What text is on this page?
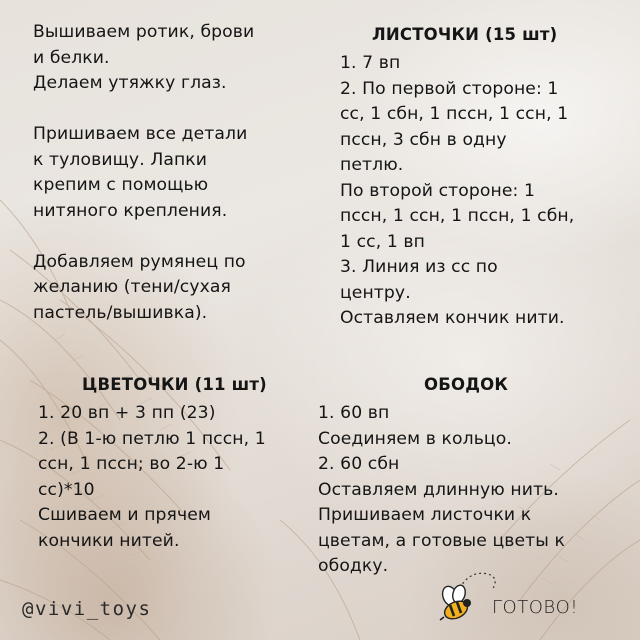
Вышиваем ротик, брови

и белки.

Делаем утяжку глаз.

Пришиваем все детали

к туловищу. Лапки

крепим с помощью

нитяного крепления.

Добавляем румянец по

желанию (тени/сухая

пастель/вышивка).

ЛИСТОЧКИ (15 шт)

1. 7 вп

2. По первой стороне: 1

сс, 1 сбн, 1 пссн, 1 ссн, 1

пссн, 3 сбн в одну

петлю.

По второй стороне: 1

пссн, 1 ссн, 1 пссн, 1 сбн,

1 сс, 1 вп

3. Линия из сс по

центру.

Оставляем кончик нити.

ЦВЕТОЧКИ (11 шт)

1. 20 вп + 3 пп (23)

2. (В 1-ю петлю 1 пссн, 1

ссн, 1 пссн; во 2-ю 1

сс)*10

Сшиваем и прячем

кончики нитей.

ОБОДОК

1. 60 вп

Соединяем в кольцо.

2. 60 сбн

Оставляем длинную нить.

Пришиваем листочки к

цветам, а готовые цветы к

ободку.

@vivi_toys	ГОТОВО!
